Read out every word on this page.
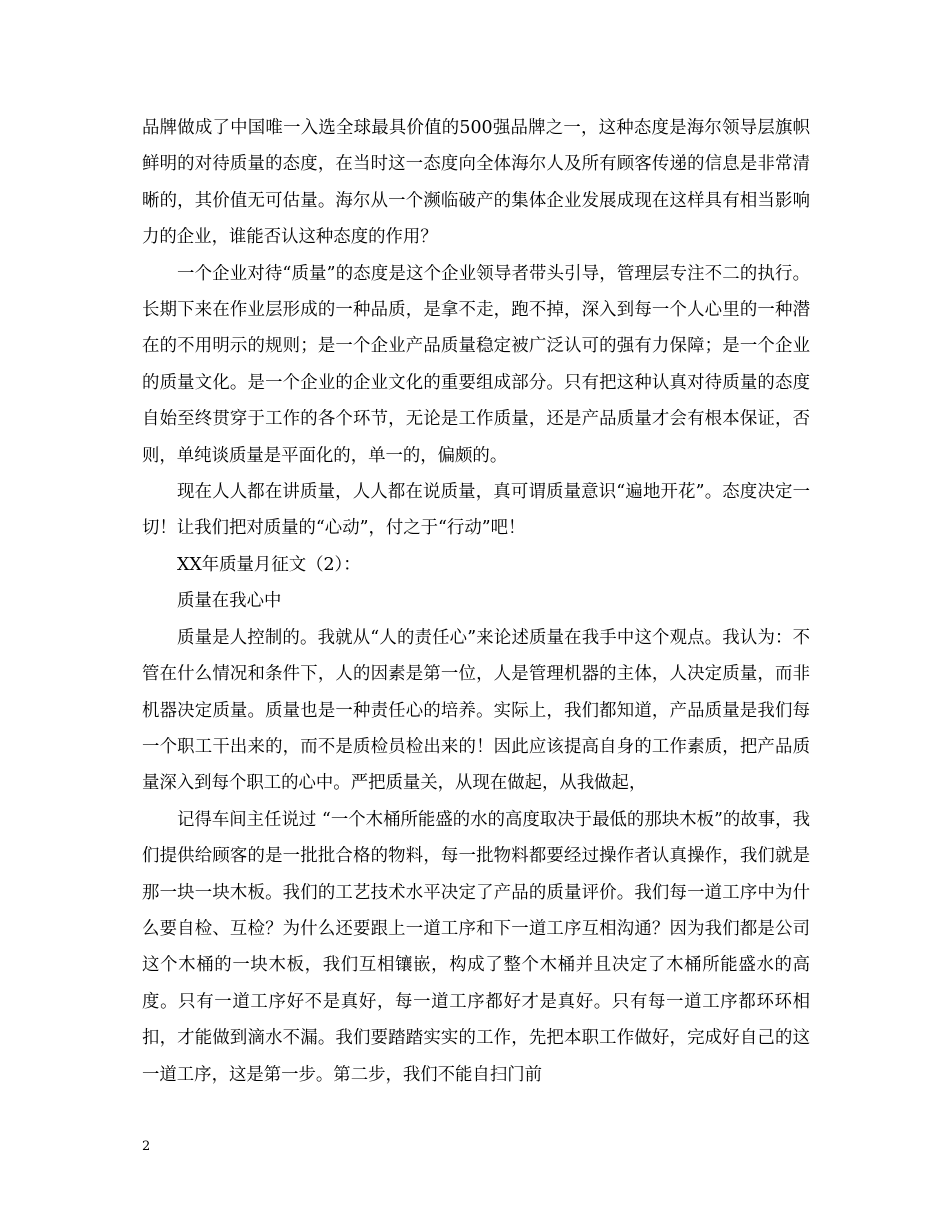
品牌做成了中国唯一入选全球最具价值的500强品牌之一，这种态度是海尔领导层旗帜鲜明的对待质量的态度，在当时这一态度向全体海尔人及所有顾客传递的信息是非常清晰的，其价值无可估量。海尔从一个濒临破产的集体企业发展成现在这样具有相当影响力的企业，谁能否认这种态度的作用？

一个企业对待“质量”的态度是这个企业领导者带头引导，管理层专注不二的执行。长期下来在作业层形成的一种品质，是拿不走，跑不掉，深入到每一个人心里的一种潜在的不用明示的规则；是一个企业产品质量稳定被广泛认可的强有力保障；是一个企业的质量文化。是一个企业的企业文化的重要组成部分。只有把这种认真对待质量的态度自始至终贯穿于工作的各个环节，无论是工作质量，还是产品质量才会有根本保证，否则，单纯谈质量是平面化的，单一的，偏颇的。

现在人人都在讲质量，人人都在说质量，真可谓质量意识“遍地开花”。态度决定一切！让我们把对质量的“心动”，付之于“行动”吧！

XX年质量月征文（2）：

质量在我心中

质量是人控制的。我就从“人的责任心”来论述质量在我手中这个观点。我认为：不管在什么情况和条件下，人的因素是第一位，人是管理机器的主体，人决定质量，而非机器决定质量。质量也是一种责任心的培养。实际上，我们都知道，产品质量是我们每一个职工干出来的，而不是质检员检出来的！因此应该提高自身的工作素质，把产品质量深入到每个职工的心中。严把质量关，从现在做起，从我做起，

记得车间主任说过 “一个木桶所能盛的水的高度取决于最低的那块木板”的故事，我们提供给顾客的是一批批合格的物料，每一批物料都要经过操作者认真操作，我们就是那一块一块木板。我们的工艺技术水平决定了产品的质量评价。我们每一道工序中为什么要自检、互检？为什么还要跟上一道工序和下一道工序互相沟通？因为我们都是公司这个木桶的一块木板，我们互相镶嵌，构成了整个木桶并且决定了木桶所能盛水的高度。只有一道工序好不是真好，每一道工序都好才是真好。只有每一道工序都环环相扣，才能做到滴水不漏。我们要踏踏实实的工作，先把本职工作做好，完成好自己的这一道工序，这是第一步。第二步，我们不能自扫门前

2
